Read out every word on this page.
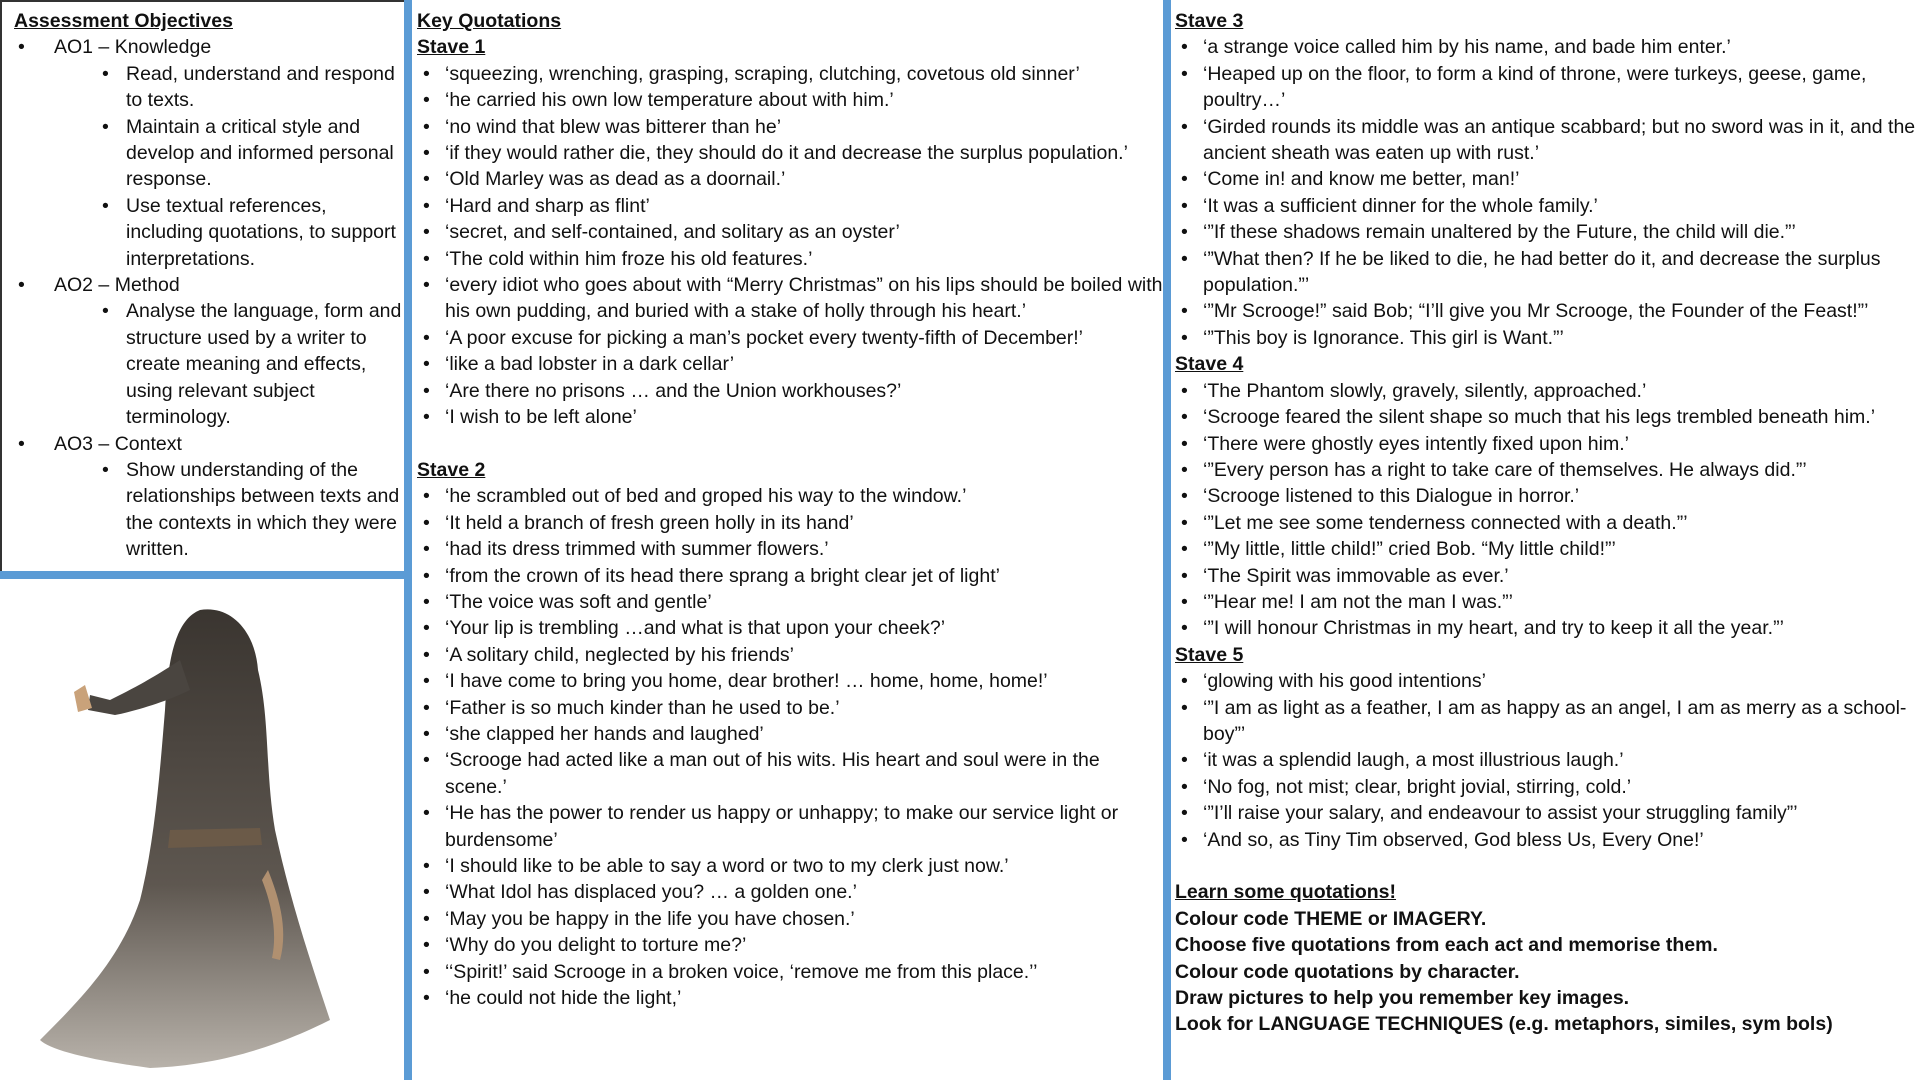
Assessment Objectives
• AO1 – Knowledge
• Read, understand and respond to texts.
• Maintain a critical style and develop and informed personal response.
• Use textual references, including quotations, to support interpretations.
• AO2 – Method
• Analyse the language, form and structure used by a writer to create meaning and effects, using relevant subject terminology.
• AO3 – Context
• Show understanding of the relationships between texts and the contexts in which they were written.
Key Quotations
Stave 1
• ‘squeezing, wrenching, grasping, scraping, clutching, covetous old sinner’
• ‘he carried his own low temperature about with him.’
• ‘no wind that blew was bitterer than he’
• ‘if they would rather die, they should do it and decrease the surplus population.’
• ‘Old Marley was as dead as a doornail.’
• ‘Hard and sharp as flint’
• ‘secret, and self-contained, and solitary as an oyster’
• ‘The cold within him froze his old features.’
• ‘every idiot who goes about with “Merry Christmas” on his lips should be boiled with his own pudding, and buried with a stake of holly through his heart.’
• ‘A poor excuse for picking a man’s pocket every twenty-fifth of December!’
• ‘like a bad lobster in a dark cellar’
• ‘Are there no prisons … and the Union workhouses?’
• ‘I wish to be left alone’
Stave 2
• ‘he scrambled out of bed and groped his way to the window.’
• ‘It held a branch of fresh green holly in its hand’
• ‘had its dress trimmed with summer flowers.’
• ‘from the crown of its head there sprang a bright clear jet of light’
• ‘The voice was soft and gentle’
• ‘Your lip is trembling …and what is that upon your cheek?’
• ‘A solitary child, neglected by his friends’
• ‘I have come to bring you home, dear brother! … home, home, home!’
• ‘Father is so much kinder than he used to be.’
• ‘she clapped her hands and laughed’
• ‘Scrooge had acted like a man out of his wits. His heart and soul were in the scene.’
• ‘He has the power to render us happy or unhappy; to make our service light or burdensome’
• ‘I should like to be able to say a word or two to my clerk just now.’
• ‘What Idol has displaced you? … a golden one.’
• ‘May you be happy in the life you have chosen.’
• ‘Why do you delight to torture me?’
• ‘‘Spirit!’ said Scrooge in a broken voice, ‘remove me from this place.’’
• ‘he could not hide the light,’
Stave 3
• ‘a strange voice called him by his name, and bade him enter.’
• ‘Heaped up on the floor, to form a kind of throne, were turkeys, geese, game, poultry…’
• ‘Girded rounds its middle was an antique scabbard; but no sword was in it, and the ancient sheath was eaten up with rust.’
• ‘Come in! and know me better, man!’
• ‘It was a sufficient dinner for the whole family.’
• ‘”If these shadows remain unaltered by the Future, the child will die.”’
• ‘”What then? If he be liked to die, he had better do it, and decrease the surplus population.”’
• ‘”Mr Scrooge!” said Bob; “I’ll give you Mr Scrooge, the Founder of the Feast!”’
• ‘”This boy is Ignorance. This girl is Want.”’
Stave 4
• ‘The Phantom slowly, gravely, silently, approached.’
• ‘Scrooge feared the silent shape so much that his legs trembled beneath him.’
• ‘There were ghostly eyes intently fixed upon him.’
• ‘”Every person has a right to take care of themselves. He always did.”’
• ‘Scrooge listened to this Dialogue in horror.’
• ‘”Let me see some tenderness connected with a death.”’
• ‘”My little, little child!” cried Bob. “My little child!”’
• ‘The Spirit was immovable as ever.’
• ‘”Hear me! I am not the man I was.”’
• ‘”I will honour Christmas in my heart, and try to keep it all the year.”’
Stave 5
• ‘glowing with his good intentions’
• ‘”I am as light as a feather, I am as happy as an angel, I am as merry as a school-boy”’
• ‘it was a splendid laugh, a most illustrious laugh.’
• ‘No fog, not mist; clear, bright jovial, stirring, cold.’
• ‘”I’ll raise your salary, and endeavour to assist your struggling family”’
• ‘And so, as Tiny Tim observed, God bless Us, Every One!’
Learn some quotations!
Colour code THEME or IMAGERY.
Choose five quotations from each act and memorise them.
Colour code quotations by character.
Draw pictures to help you remember key images.
Look for LANGUAGE TECHNIQUES (e.g. metaphors, similes, sym bols)
